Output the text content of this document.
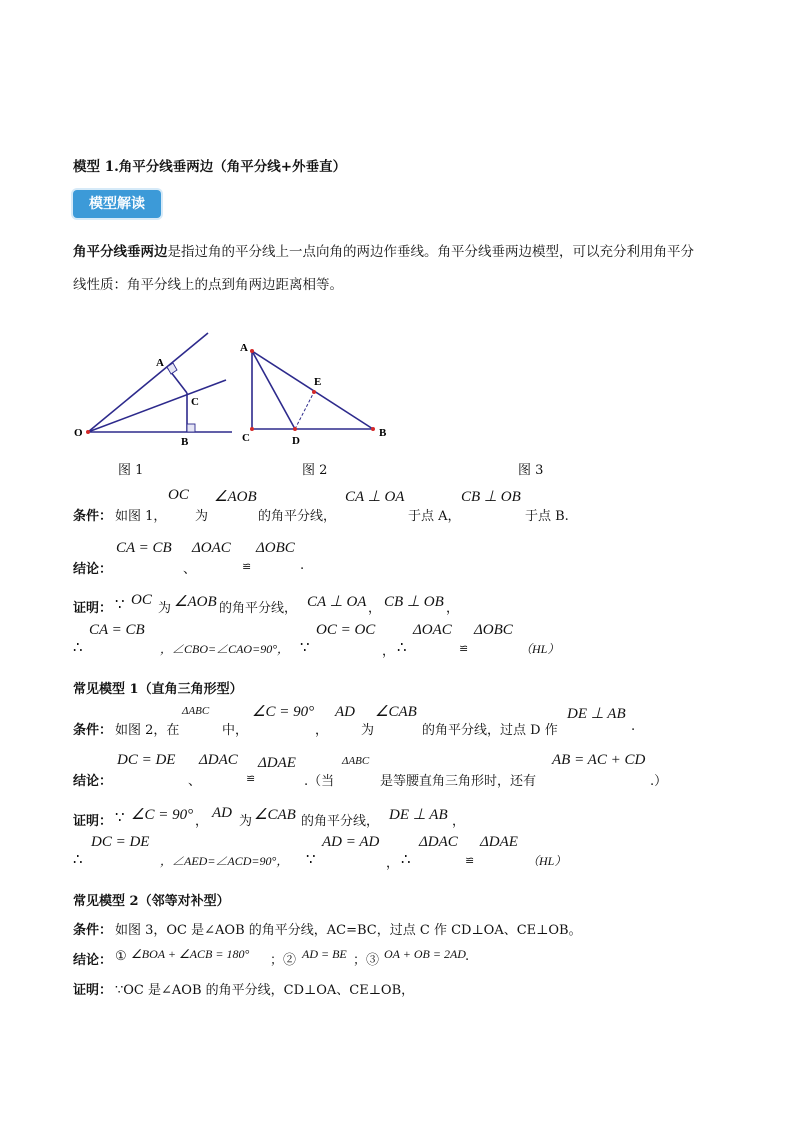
模型 1.角平分线垂两边（角平分线+外垂直）
模型解读
角平分线垂两边是指过角的平分线上一点向角的两边作垂线。角平分线垂两边模型，可以充分利用角平分
线性质：角平分线上的点到角两边距离相等。
A
C
O
B
A
E
C	D
B
图 1	图 2	图 3
条件： 如图 1，
OC
为
∠AOB
的角平分线，
CA ⊥ OA
于点 A，
CB ⊥ OB
于点 B.
CA = CB ΔOAC ΔOBC
结论：	、	≌	.
证明： ∵ OC
为 ∠AOB 的角平分线， CA ⊥ OA ， CB ⊥ OB ，
CA = CB	OC = OC	ΔOAC ΔOBC
∴	，∠CBO=∠CAO=90°， ∵	， ∴	≌	（HL）
常见模型 1（直角三角形型）
条件： 如图 2，在
ΔABC
中，
∠C = 90°
，
AD
为
∠CAB
的角平分线，过点 D 作
DE ⊥ AB
.
DC = DE ΔDAC ΔDAE	ΔABC	AB = AC + CD
结论：	、	≌	.（当	是等腰直角三角形时，还有	.）
证明： ∵ ∠C = 90° ，
AD
为 ∠CAB 的角平分线， DE ⊥ AB ，
DC = DE	AD = AD	ΔDAC ΔDAE
∴	，∠AED=∠ACD=90°， ∵	， ∴	≌	（HL）
常见模型 2（邻等对补型）
条件： 如图 3，OC 是∠AOB 的角平分线，AC=BC，过点 C 作 CD⊥OA、CE⊥OB。
结论： ① ∠BOA + ∠ACB = 180° ；② AD = BE ；③ OA + OB = 2AD .
证明： ∵OC 是∠AOB 的角平分线，CD⊥OA、CE⊥OB，
